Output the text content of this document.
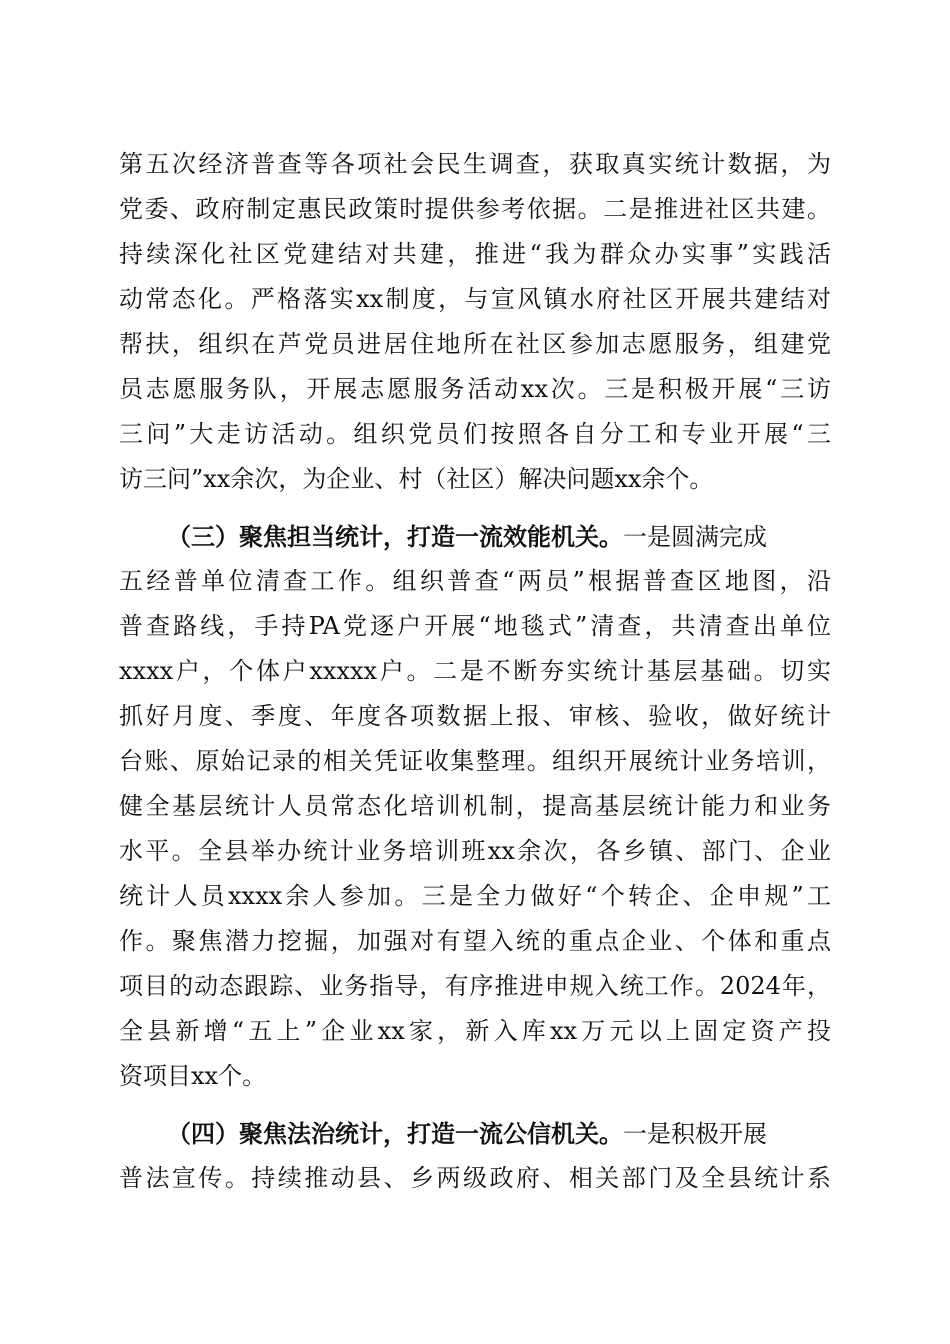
第五次经济普查等各项社会民生调查，获取真实统计数据，为
党委、政府制定惠民政策时提供参考依据。二是推进社区共建。
持续深化社区党建结对共建，推进“我为群众办实事”实践活
动常态化。严格落实xx制度，与宣风镇水府社区开展共建结对
帮扶，组织在芦党员进居住地所在社区参加志愿服务，组建党
员志愿服务队，开展志愿服务活动xx次。三是积极开展“三访
三问”大走访活动。组织党员们按照各自分工和专业开展“三
访三问”xx余次，为企业、村（社区）解决问题xx余个。
（三）聚焦担当统计，打造一流效能机关。一是圆满完成
五经普单位清查工作。组织普查“两员”根据普查区地图，沿
普查路线，手持PA党逐户开展“地毯式”清查，共清查出单位
xxxx户，个体户xxxxx户。二是不断夯实统计基层基础。切实
抓好月度、季度、年度各项数据上报、审核、验收，做好统计
台账、原始记录的相关凭证收集整理。组织开展统计业务培训，
健全基层统计人员常态化培训机制，提高基层统计能力和业务
水平。全县举办统计业务培训班xx余次，各乡镇、部门、企业
统计人员xxxx余人参加。三是全力做好“个转企、企申规”工
作。聚焦潜力挖掘，加强对有望入统的重点企业、个体和重点
项目的动态跟踪、业务指导，有序推进申规入统工作。2024年，
全县新增“五上”企业xx家，新入库xx万元以上固定资产投
资项目xx个。
（四）聚焦法治统计，打造一流公信机关。一是积极开展
普法宣传。持续推动县、乡两级政府、相关部门及全县统计系
